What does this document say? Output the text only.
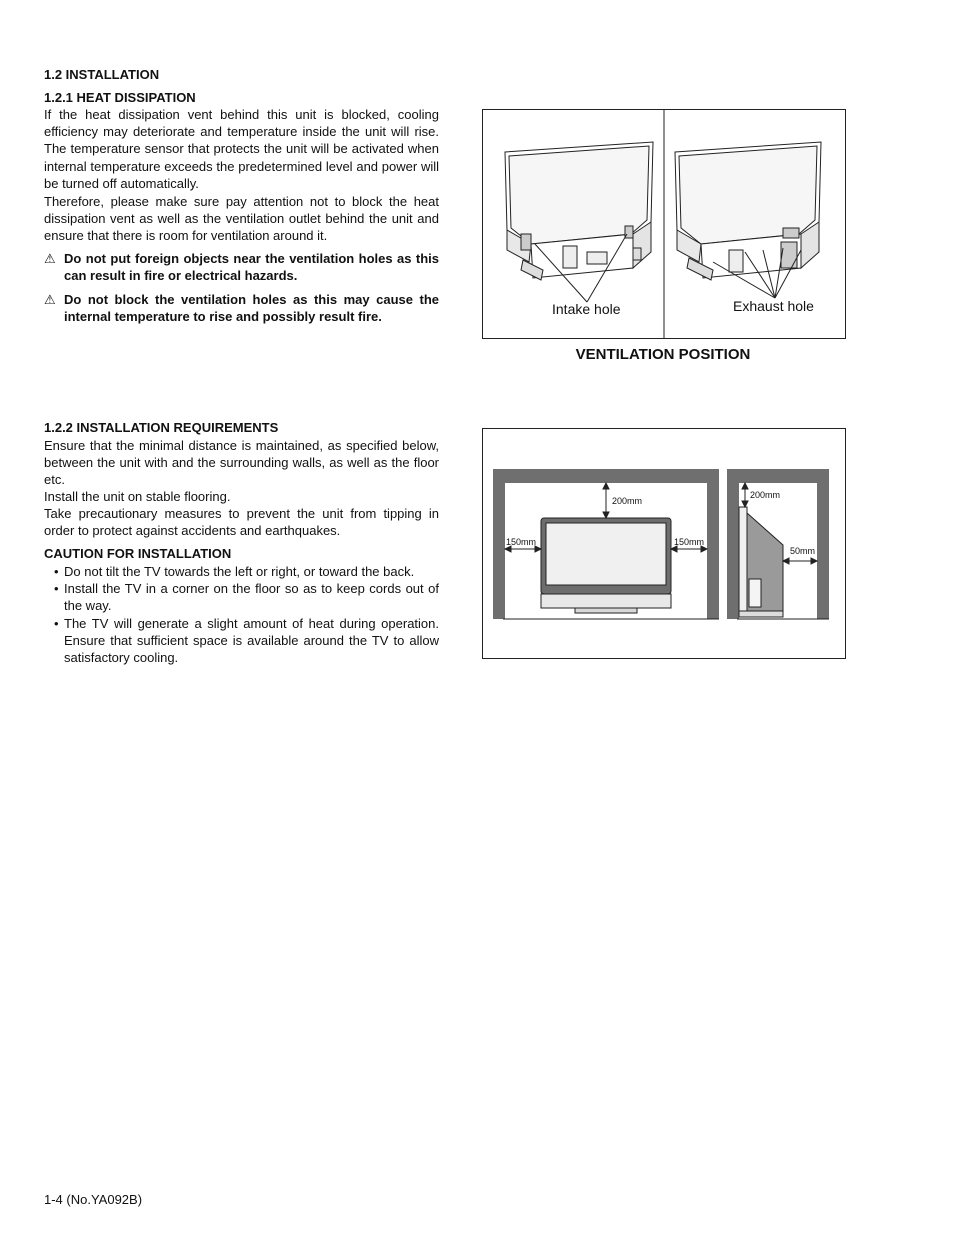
1.2 INSTALLATION
1.2.1 HEAT DISSIPATION
If the heat dissipation vent behind this unit is blocked, cooling efficiency may deteriorate and temperature inside the unit will rise. The temperature sensor that protects the unit will be activated when internal temperature exceeds the predetermined level and power will be turned off automatically.
Therefore, please make sure pay attention not to block the heat dissipation vent as well as the ventilation outlet behind the unit and ensure that there is room for ventilation around it.
⚠ Do not put foreign objects near the ventilation holes as this can result in fire or electrical hazards.
⚠ Do not block the ventilation holes as this may cause the internal temperature to rise and possibly result fire.
1.2.2 INSTALLATION REQUIREMENTS
Ensure that the minimal distance is maintained, as specified below, between the unit with and the surrounding walls, as well as the floor etc.
Install the unit on stable flooring.
Take precautionary measures to prevent the unit from tipping in order to protect against accidents and earthquakes.
CAUTION FOR INSTALLATION
• Do not tilt the TV towards the left or right, or toward the back.
• Install the TV in a corner on the floor so as to keep cords out of the way.
• The TV will generate a slight amount of heat during operation. Ensure that sufficient space is available around the TV to allow satisfactory cooling.
Intake hole	Exhaust hole
VENTILATION POSITION
200mm
150mm	150mm
200mm
50mm
1-4 (No.YA092B)
